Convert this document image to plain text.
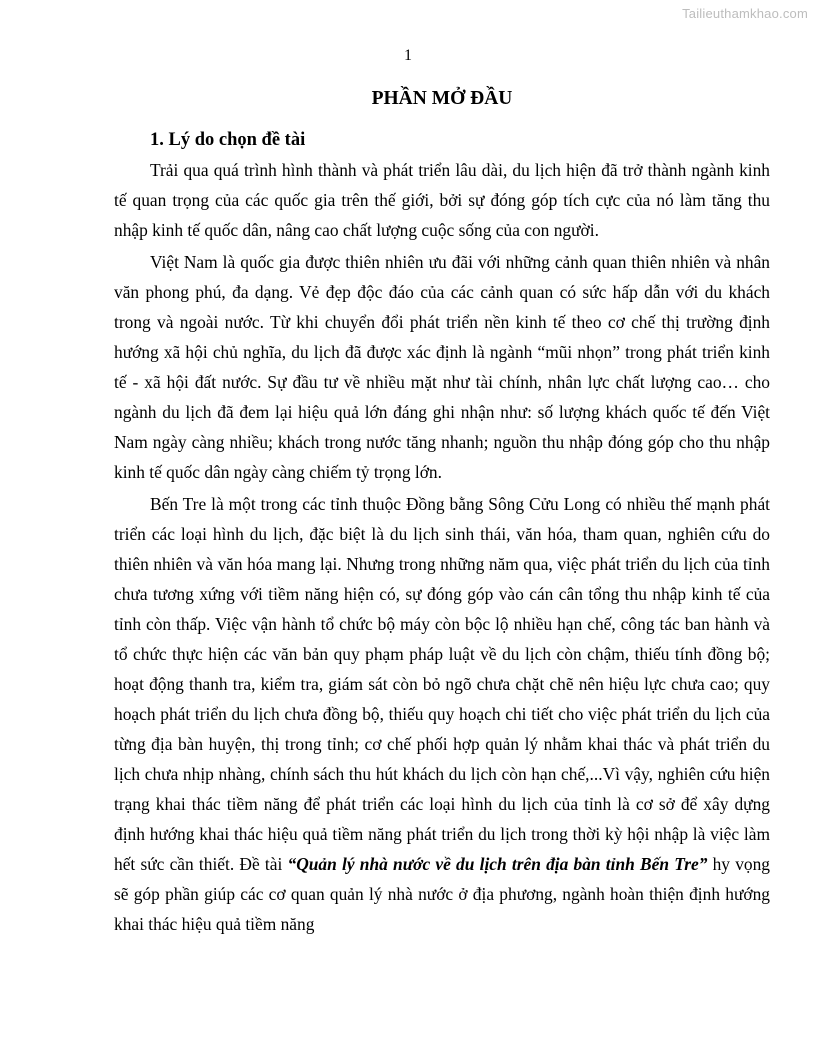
Tailieuthamkhao.com
1
PHẦN MỞ ĐẦU
1. Lý do chọn đề tài

Trải qua quá trình hình thành và phát triển lâu dài, du lịch hiện đã trở thành ngành kinh tế quan trọng của các quốc gia trên thế giới, bởi sự đóng góp tích cực của nó làm tăng thu nhập kinh tế quốc dân, nâng cao chất lượng cuộc sống của con người.

Việt Nam là quốc gia được thiên nhiên ưu đãi với những cảnh quan thiên nhiên và nhân văn phong phú, đa dạng. Vẻ đẹp độc đáo của các cảnh quan có sức hấp dẫn với du khách trong và ngoài nước. Từ khi chuyển đổi phát triển nền kinh tế theo cơ chế thị trường định hướng xã hội chủ nghĩa, du lịch đã được xác định là ngành “mũi nhọn” trong phát triển kinh tế - xã hội đất nước. Sự đầu tư về nhiều mặt như tài chính, nhân lực chất lượng cao… cho ngành du lịch đã đem lại hiệu quả lớn đáng ghi nhận như: số lượng khách quốc tế đến Việt Nam ngày càng nhiều; khách trong nước tăng nhanh; nguồn thu nhập đóng góp cho thu nhập kinh tế quốc dân ngày càng chiếm tỷ trọng lớn.

Bến Tre là một trong các tỉnh thuộc Đồng bằng Sông Cửu Long có nhiều thế mạnh phát triển các loại hình du lịch, đặc biệt là du lịch sinh thái, văn hóa, tham quan, nghiên cứu do thiên nhiên và văn hóa mang lại. Nhưng trong những năm qua, việc phát triển du lịch của tỉnh chưa tương xứng với tiềm năng hiện có, sự đóng góp vào cán cân tổng thu nhập kinh tế của tỉnh còn thấp. Việc vận hành tổ chức bộ máy còn bộc lộ nhiều hạn chế, công tác ban hành và tổ chức thực hiện các văn bản quy phạm pháp luật về du lịch còn chậm, thiếu tính đồng bộ; hoạt động thanh tra, kiểm tra, giám sát còn bỏ ngõ chưa chặt chẽ nên hiệu lực chưa cao; quy hoạch phát triển du lịch chưa đồng bộ, thiếu quy hoạch chi tiết cho việc phát triển du lịch của từng địa bàn huyện, thị trong tỉnh; cơ chế phối hợp quản lý nhằm khai thác và phát triển du lịch chưa nhịp nhàng, chính sách thu hút khách du lịch còn hạn chế,...Vì vậy, nghiên cứu hiện trạng khai thác tiềm năng để phát triển các loại hình du lịch của tỉnh là cơ sở để xây dựng định hướng khai thác hiệu quả tiềm năng phát triển du lịch trong thời kỳ hội nhập là việc làm hết sức cần thiết. Đề tài “Quản lý nhà nước về du lịch trên địa bàn tỉnh Bến Tre” hy vọng sẽ góp phần giúp các cơ quan quản lý nhà nước ở địa phương, ngành hoàn thiện định hướng khai thác hiệu quả tiềm năng
